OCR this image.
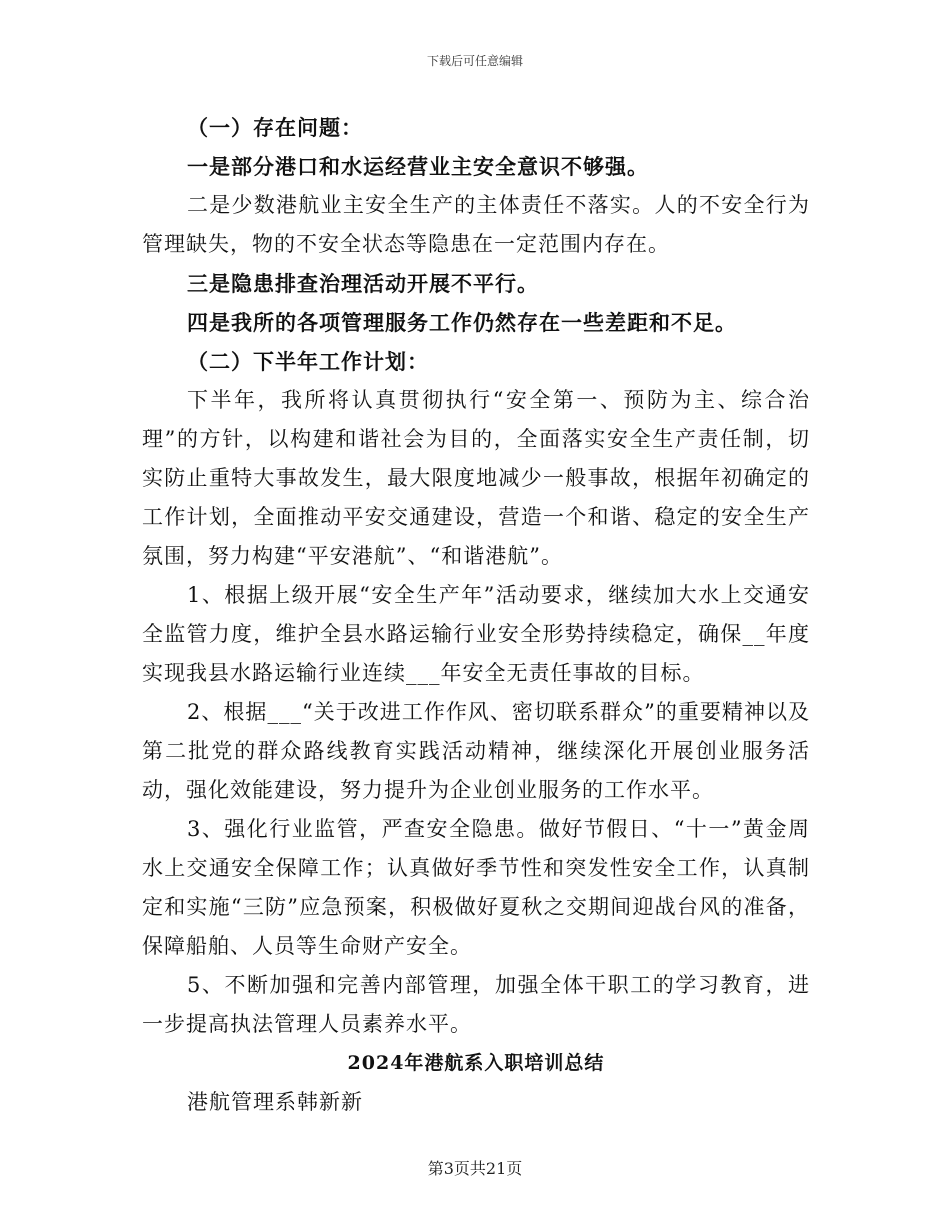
下载后可任意编辑

（一）存在问题：

一是部分港口和水运经营业主安全意识不够强。

二是少数港航业主安全生产的主体责任不落实。人的不安全行为管理缺失，物的不安全状态等隐患在一定范围内存在。

三是隐患排查治理活动开展不平行。

四是我所的各项管理服务工作仍然存在一些差距和不足。

（二）下半年工作计划：

下半年，我所将认真贯彻执行“安全第一、预防为主、综合治理”的方针，以构建和谐社会为目的，全面落实安全生产责任制，切实防止重特大事故发生，最大限度地减少一般事故，根据年初确定的工作计划，全面推动平安交通建设，营造一个和谐、稳定的安全生产氛围，努力构建“平安港航”、“和谐港航”。

1、根据上级开展“安全生产年”活动要求，继续加大水上交通安全监管力度，维护全县水路运输行业安全形势持续稳定，确保__年度实现我县水路运输行业连续___年安全无责任事故的目标。

2、根据___“关于改进工作作风、密切联系群众”的重要精神以及第二批党的群众路线教育实践活动精神，继续深化开展创业服务活动，强化效能建设，努力提升为企业创业服务的工作水平。

3、强化行业监管，严查安全隐患。做好节假日、“十一”黄金周水上交通安全保障工作；认真做好季节性和突发性安全工作，认真制定和实施“三防”应急预案，积极做好夏秋之交期间迎战台风的准备，保障船舶、人员等生命财产安全。

5、不断加强和完善内部管理，加强全体干职工的学习教育，进一步提高执法管理人员素养水平。

2024年港航系入职培训总结

港航管理系韩新新

第3页共21页
